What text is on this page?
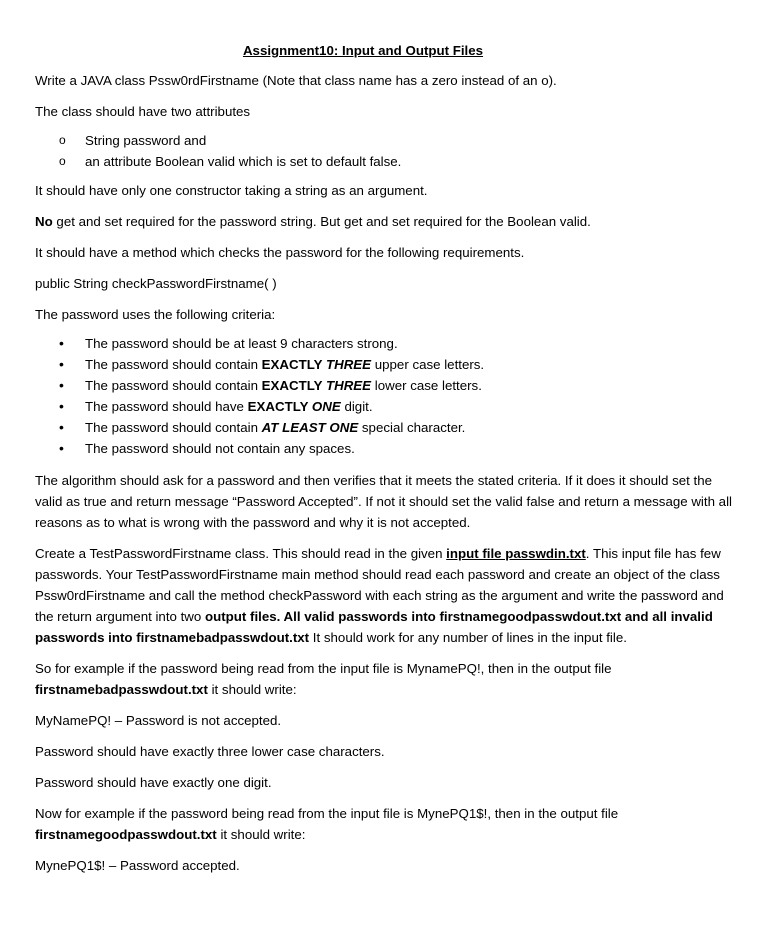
Assignment10: Input and Output Files

Write a JAVA class Pssw0rdFirstname (Note that class name has a zero instead of an o).

The class should have two attributes

o String password and
o an attribute Boolean valid which is set to default false.

It should have only one constructor taking a string as an argument.

No get and set required for the password string. But get and set required for the Boolean valid.

It should have a method which checks the password for the following requirements.

public String checkPasswordFirstname( )

The password uses the following criteria:

• The password should be at least 9 characters strong.
• The password should contain EXACTLY THREE upper case letters.
• The password should contain EXACTLY THREE lower case letters.
• The password should have EXACTLY ONE digit.
• The password should contain AT LEAST ONE special character.
• The password should not contain any spaces.

The algorithm should ask for a password and then verifies that it meets the stated criteria. If it does it should set the valid as true and return message “Password Accepted”. If not it should set the valid false and return a message with all reasons as to what is wrong with the password and why it is not accepted.

Create a TestPasswordFirstname class. This should read in the given input file passwdin.txt. This input file has few passwords. Your TestPasswordFirstname main method should read each password and create an object of the class Pssw0rdFirstname and call the method checkPassword with each string as the argument and write the password and the return argument into two output files. All valid passwords into firstnamegoodpasswdout.txt and all invalid passwords into firstnamebadpasswdout.txt It should work for any number of lines in the input file.

So for example if the password being read from the input file is MynamePQ!, then in the output file firstnamebadpasswdout.txt it should write:

MyNamePQ! – Password is not accepted.

Password should have exactly three lower case characters.

Password should have exactly one digit.

Now for example if the password being read from the input file is MynePQ1$!, then in the output file firstnamegoodpasswdout.txt it should write:

MynePQ1$! – Password accepted.
